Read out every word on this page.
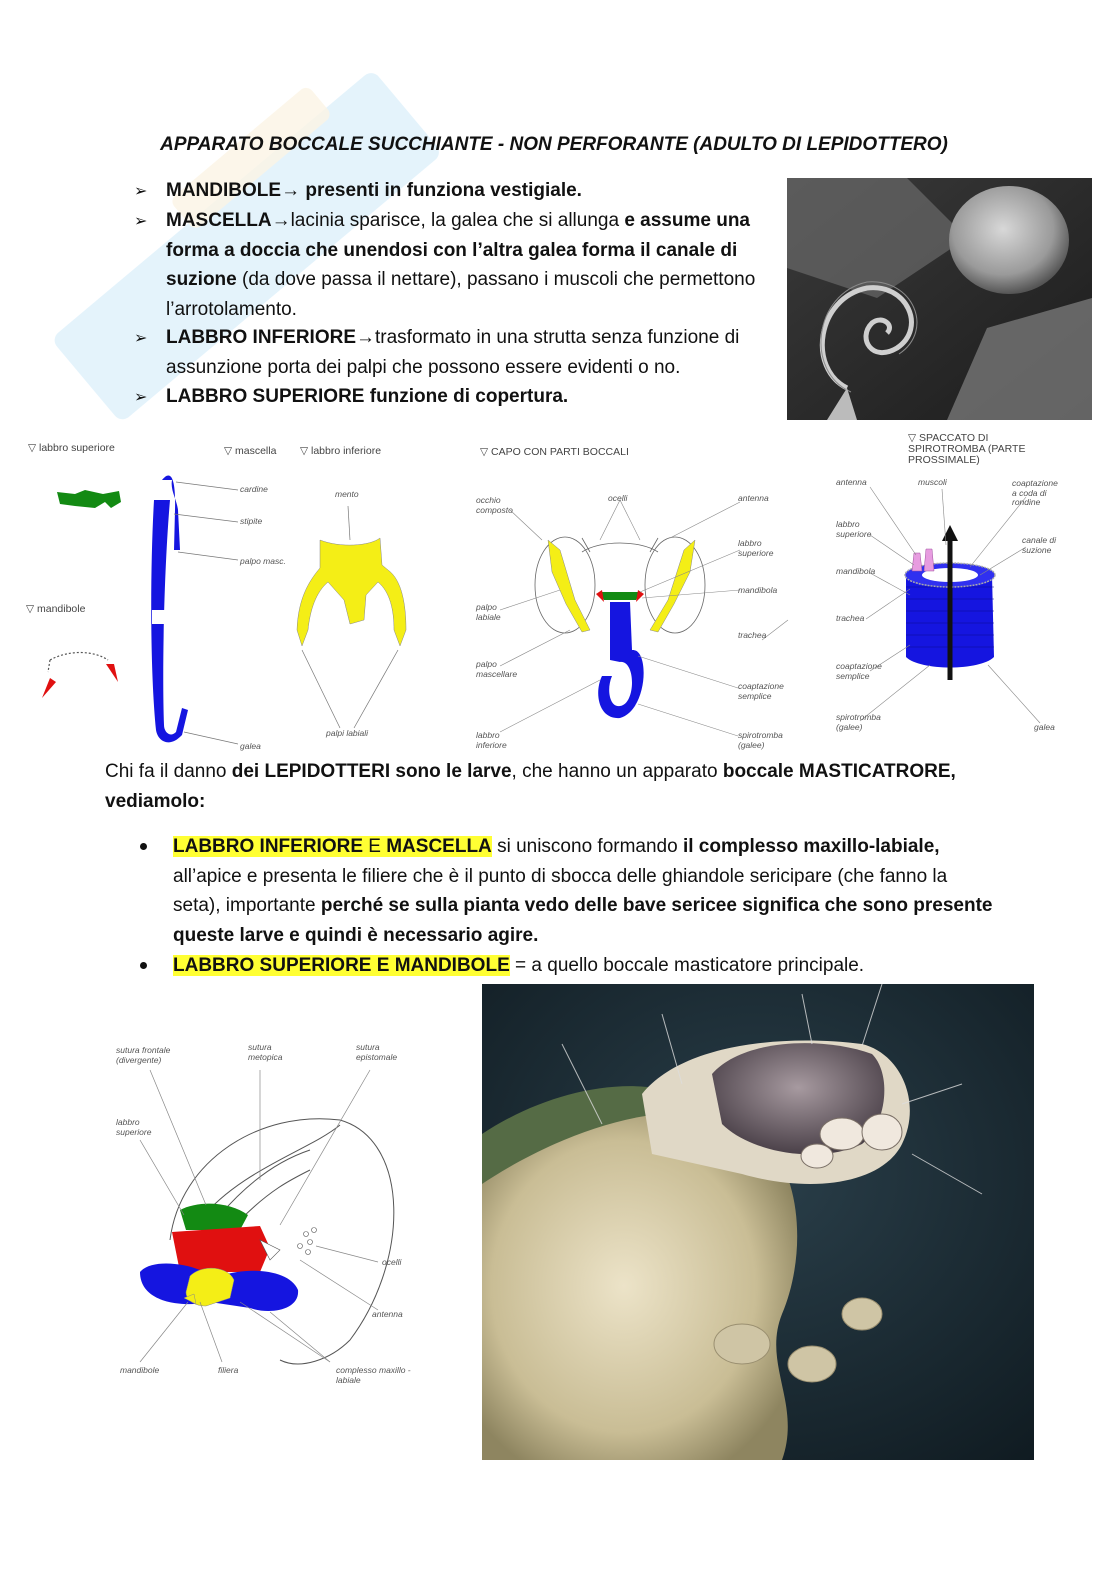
APPARATO BOCCALE SUCCHIANTE - NON PERFORANTE (ADULTO DI LEPIDOTTERO)
➢ MANDIBOLE→ presenti in funziona vestigiale.
➢ MASCELLA→lacinia sparisce, la galea che si allunga e assume una forma a doccia che unendosi con l’altra galea forma il canale di suzione (da dove passa il nettare), passano i muscoli che permettono l’arrotolamento.
➢ LABBRO INFERIORE→trasformato in una strutta senza funzione di assunzione porta dei palpi che possono essere evidenti o no.
➢ LABBRO SUPERIORE funzione di copertura.
▽ labbro superiore
▽ mandibole
▽ mascella ▽ labbro inferiore
cardine
stipite
palpo masc.
galea
mento
palpi labiali
▽ CAPO CON PARTI BOCCALI
occhio composto
ocelli	antenna
labbro superiore
mandibola
palpo labiale
trachea
palpo mascellare
coaptazione semplice
labbro inferiore
spirotromba (galee)
▽ SPACCATO DI SPIROTROMBA (PARTE PROSSIMALE)
antenna	muscoli	coaptazione a coda di rondine
labbro superiore
canale di suzione
mandibola
trachea
coaptazione semplice
spirotromba (galee)	galea
Chi fa il danno dei LEPIDOTTERI sono le larve, che hanno un apparato boccale MASTICATRORE, vediamolo:
LABBRO INFERIORE E MASCELLA si uniscono formando il complesso maxillo-labiale, all’apice e presenta le filiere che è il punto di sbocca delle ghiandole sericipare (che fanno la seta), importante perché se sulla pianta vedo delle bave sericee significa che sono presente queste larve e quindi è necessario agire.
LABBRO SUPERIORE E MANDIBOLE = a quello boccale masticatore principale.
sutura frontale (divergente)
sutura metopica
sutura epistomale
labbro superiore
ocelli
antenna
mandibole	filiera	complesso maxillo - labiale
